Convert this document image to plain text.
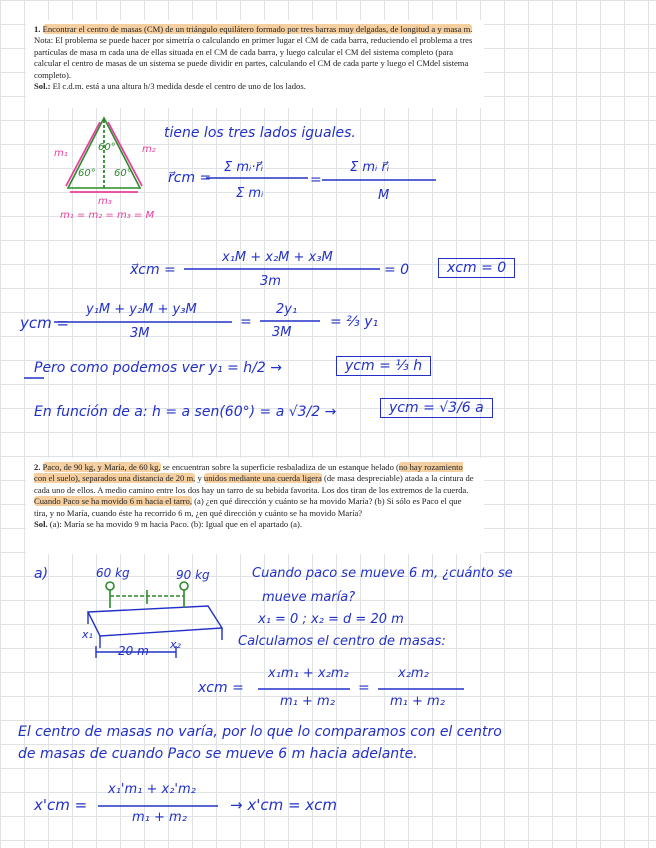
1. Encontrar el centro de masas (CM) de un triángulo equilátero formado por tres barras muy delgadas, de longitud a y masa m. Nota: El problema se puede hacer por simetría o calculando en primer lugar el CM de cada barra, reduciendo el problema a tres partículas de masa m cada una de ellas situada en el CM de cada barra, y luego calcular el CM del sistema completo (para calcular el centro de masas de un sistema se puede dividir en partes, calculando el CM de cada parte y luego el CMdel sistema completo).

Sol.: El c.d.m. está a una altura h/3 medida desde el centro de uno de los lados.

2. Paco, de 90 kg, y María, de 60 kg, se encuentran sobre la superficie resbaladiza de un estanque helado (no hay rozamiento con el suelo), separados una distancia de 20 m, y unidos mediante una cuerda ligera (de masa despreciable) atada a la cintura de cada uno de ellos. A medio camino entre los dos hay un tarro de su bebida favorita. Los dos tiran de los extremos de la cuerda. Cuando Paco se ha movido 6 m hacia el tarro, (a) ¿en qué dirección y cuánto se ha movido María? (b) Si sólo es Paco el que tira, y no María, cuando éste ha recorrido 6 m, ¿en qué dirección y cuánto se ha movido María?

Sol. (a): María se ha movido 9 m hacia Paco. (b): Igual que en el apartado (a).

60°
60° 60°
m₁	m₂
m₃
m₁ = m₂ = m₃ = M
tiene los tres lados iguales.
r⃗cm =
Σ mᵢ·r⃗ᵢ
Σ mᵢ
=
Σ mᵢ r⃗ᵢ
M
x⃗cm =
x₁M + x₂M + x₃M
3m
= 0	xcm = 0
ycm =
y₁M + y₂M + y₃M
3M
=
2y₁
3M
= ⅔ y₁
Pero como podemos ver y₁ = h/2 →	ycm = ⅓ h
En función de a: h = a sen(60°) = a √3/2 →	ycm = √3/6 a
a)	60 kg	90 kg
20 m
x₁
x₂
Cuando paco se mueve 6 m, ¿cuánto se
mueve maría?
x₁ = 0 ; x₂ = d = 20 m
Calculamos el centro de masas:
xcm =
x₁m₁ + x₂m₂
m₁ + m₂
=
x₂m₂
m₁ + m₂
El centro de masas no varía, por lo que lo comparamos con el centro
de masas de cuando Paco se mueve 6 m hacia adelante.
x'cm =
x₁'m₁ + x₂'m₂
m₁ + m₂
→ x'cm = xcm
